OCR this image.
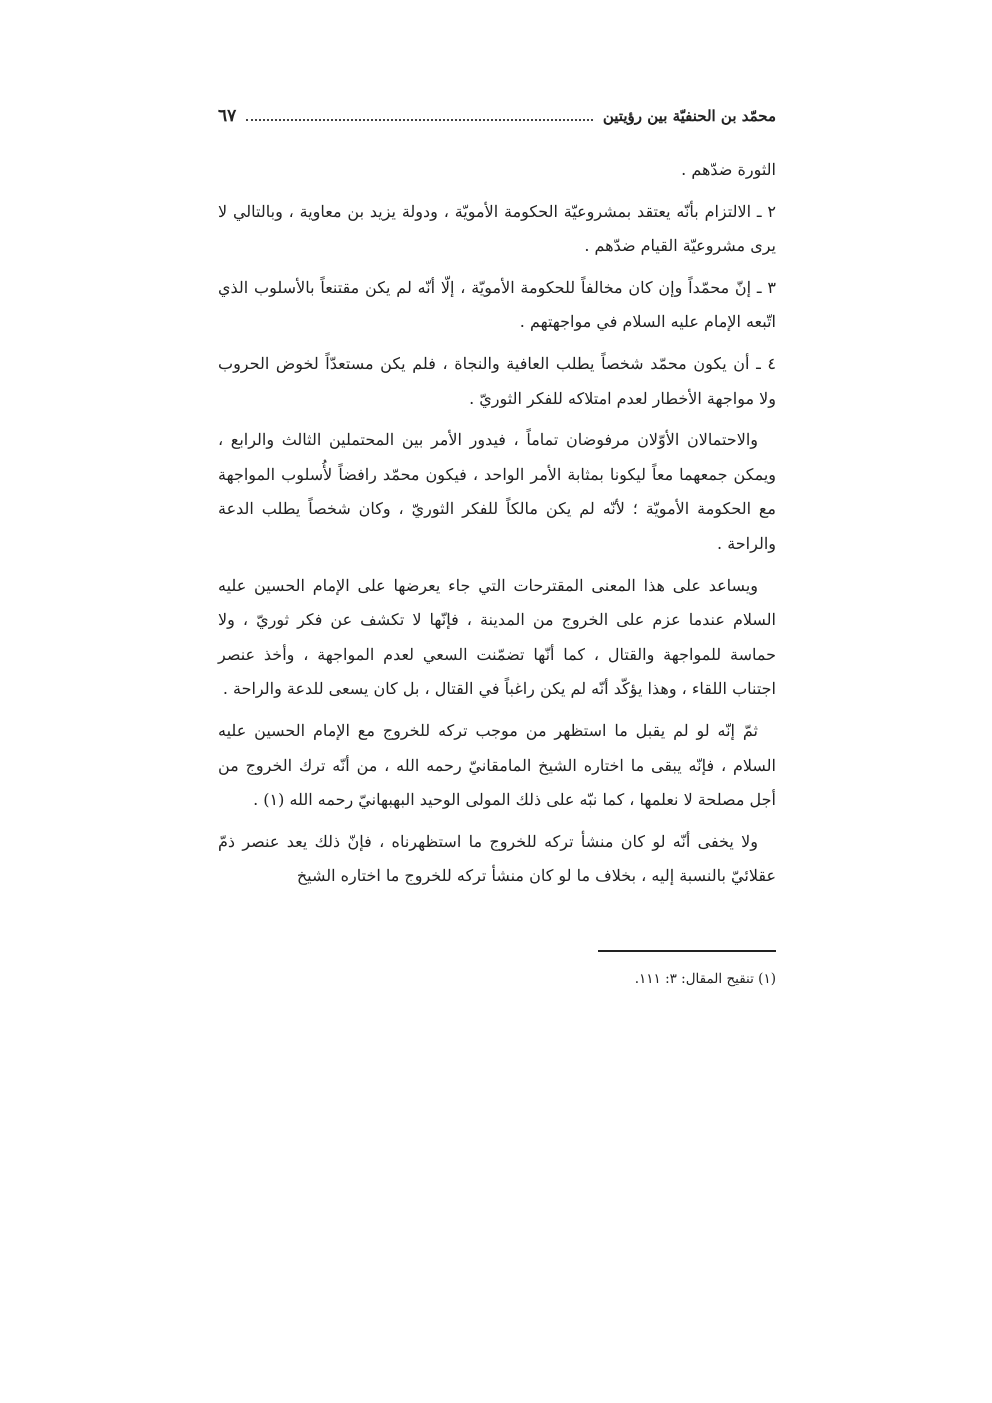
محمّد بن الحنفيّة بين رؤيتين
٦٧

الثورة ضدّهم .

٢ ـ الالتزام بأنّه يعتقد بمشروعيّة الحكومة الأمويّة ، ودولة يزيد بن معاوية ، وبالتالي لا يرى مشروعيّة القيام ضدّهم .

٣ ـ إنّ محمّداً وإن كان مخالفاً للحكومة الأمويّة ، إلّا أنّه لم يكن مقتنعاً بالأسلوب الذي اتّبعه الإمام عليه السلام في مواجهتهم .

٤ ـ أن يكون محمّد شخصاً يطلب العافية والنجاة ، فلم يكن مستعدّاً لخوض الحروب ولا مواجهة الأخطار لعدم امتلاكه للفكر الثوريّ .

والاحتمالان الأوّلان مرفوضان تماماً ، فيدور الأمر بين المحتملين الثالث والرابع ، ويمكن جمعهما معاً ليكونا بمثابة الأمر الواحد ، فيكون محمّد رافضاً لأُسلوب المواجهة مع الحكومة الأمويّة ؛ لأنّه لم يكن مالكاً للفكر الثوريّ ، وكان شخصاً يطلب الدعة والراحة .

ويساعد على هذا المعنى المقترحات التي جاء يعرضها على الإمام الحسين عليه السلام عندما عزم على الخروج من المدينة ، فإنّها لا تكشف عن فكر ثوريّ ، ولا حماسة للمواجهة والقتال ، كما أنّها تضمّنت السعي لعدم المواجهة ، وأخذ عنصر اجتناب اللقاء ، وهذا يؤكّد أنّه لم يكن راغباً في القتال ، بل كان يسعى للدعة والراحة .

ثمّ إنّه لو لم يقبل ما استظهر من موجب تركه للخروج مع الإمام الحسين عليه السلام ، فإنّه يبقى ما اختاره الشيخ المامقانيّ رحمه الله ، من أنّه ترك الخروج من أجل مصلحة لا نعلمها ، كما نبّه على ذلك المولى الوحيد البهبهانيّ رحمه الله (١) .

ولا يخفى أنّه لو كان منشأ تركه للخروج ما استظهرناه ، فإنّ ذلك يعد عنصر ذمّ عقلائيّ بالنسبة إليه ، بخلاف ما لو كان منشأ تركه للخروج ما اختاره الشيخ

(١) تنقيح المقال: ٣: ١١١.
